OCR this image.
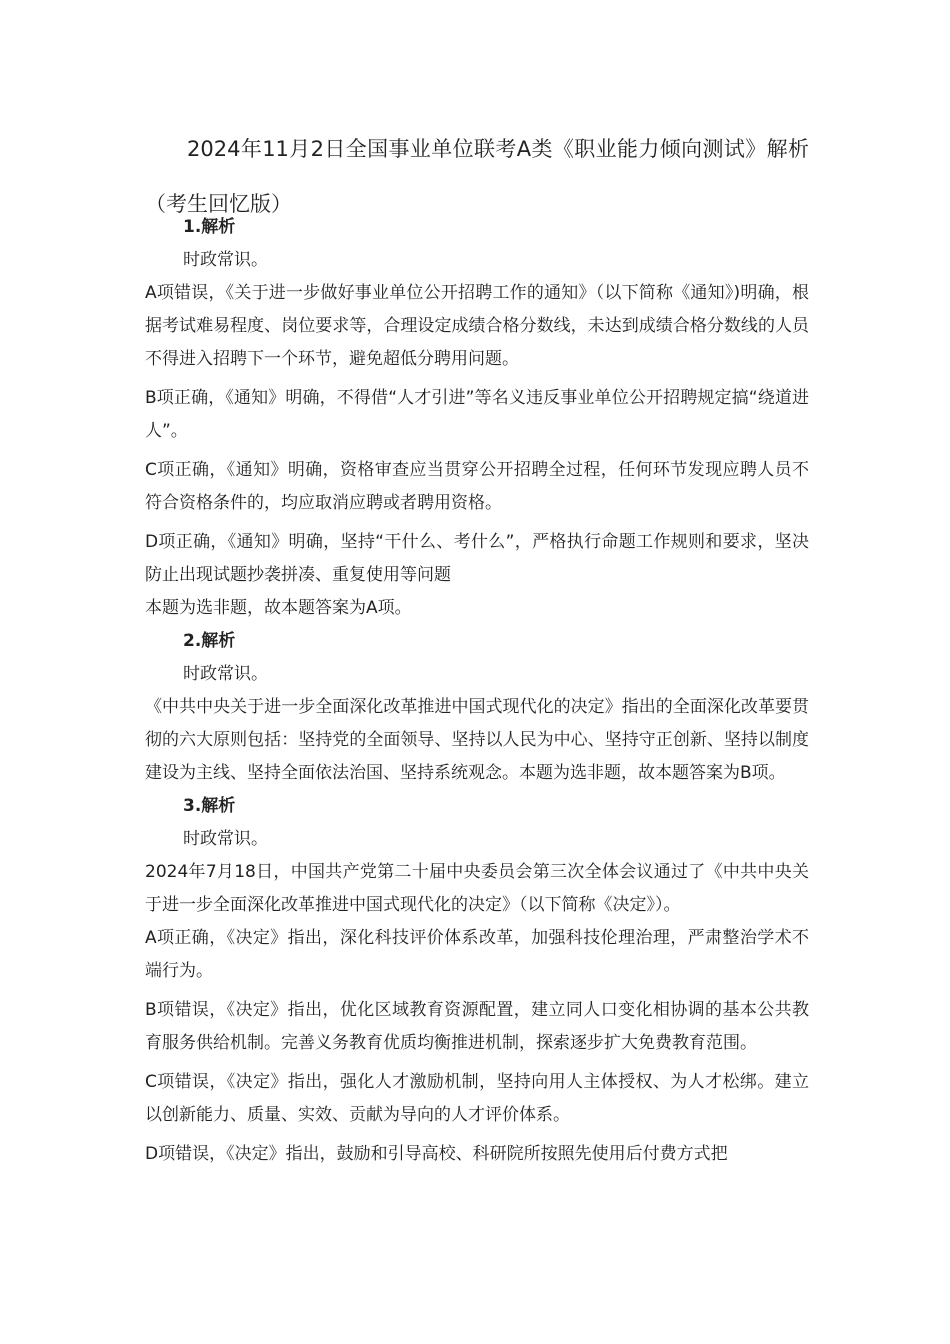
2024年11月2日全国事业单位联考A类《职业能力倾向测试》解析（考生回忆版）

1.解析

时政常识。

A项错误，《关于进一步做好事业单位公开招聘工作的通知》（以下简称《通知》)明确，根据考试难易程度、岗位要求等，合理设定成绩合格分数线，未达到成绩合格分数线的人员不得进入招聘下一个环节，避免超低分聘用问题。

B项正确，《通知》明确，不得借“人才引进”等名义违反事业单位公开招聘规定搞“绕道进人”。

C项正确，《通知》明确，资格审查应当贯穿公开招聘全过程，任何环节发现应聘人员不符合资格条件的，均应取消应聘或者聘用资格。

D项正确，《通知》明确，坚持“干什么、考什么”，严格执行命题工作规则和要求，坚决防止出现试题抄袭拼凑、重复使用等问题

本题为选非题，故本题答案为A项。

2.解析

时政常识。

《中共中央关于进一步全面深化改革推进中国式现代化的决定》指出的全面深化改革要贯彻的六大原则包括：坚持党的全面领导、坚持以人民为中心、坚持守正创新、坚持以制度建设为主线、坚持全面依法治国、坚持系统观念。本题为选非题，故本题答案为B项。

3.解析

时政常识。

2024年7月18日，中国共产党第二十届中央委员会第三次全体会议通过了《中共中央关于进一步全面深化改革推进中国式现代化的决定》（以下简称《决定》）。

A项正确，《决定》指出，深化科技评价体系改革，加强科技伦理治理，严肃整治学术不端行为。

B项错误，《决定》指出，优化区域教育资源配置，建立同人口变化相协调的基本公共教育服务供给机制。完善义务教育优质均衡推进机制，探索逐步扩大免费教育范围。

C项错误，《决定》指出，强化人才激励机制，坚持向用人主体授权、为人才松绑。建立以创新能力、质量、实效、贡献为导向的人才评价体系。

D项错误，《决定》指出，鼓励和引导高校、科研院所按照先使用后付费方式把
